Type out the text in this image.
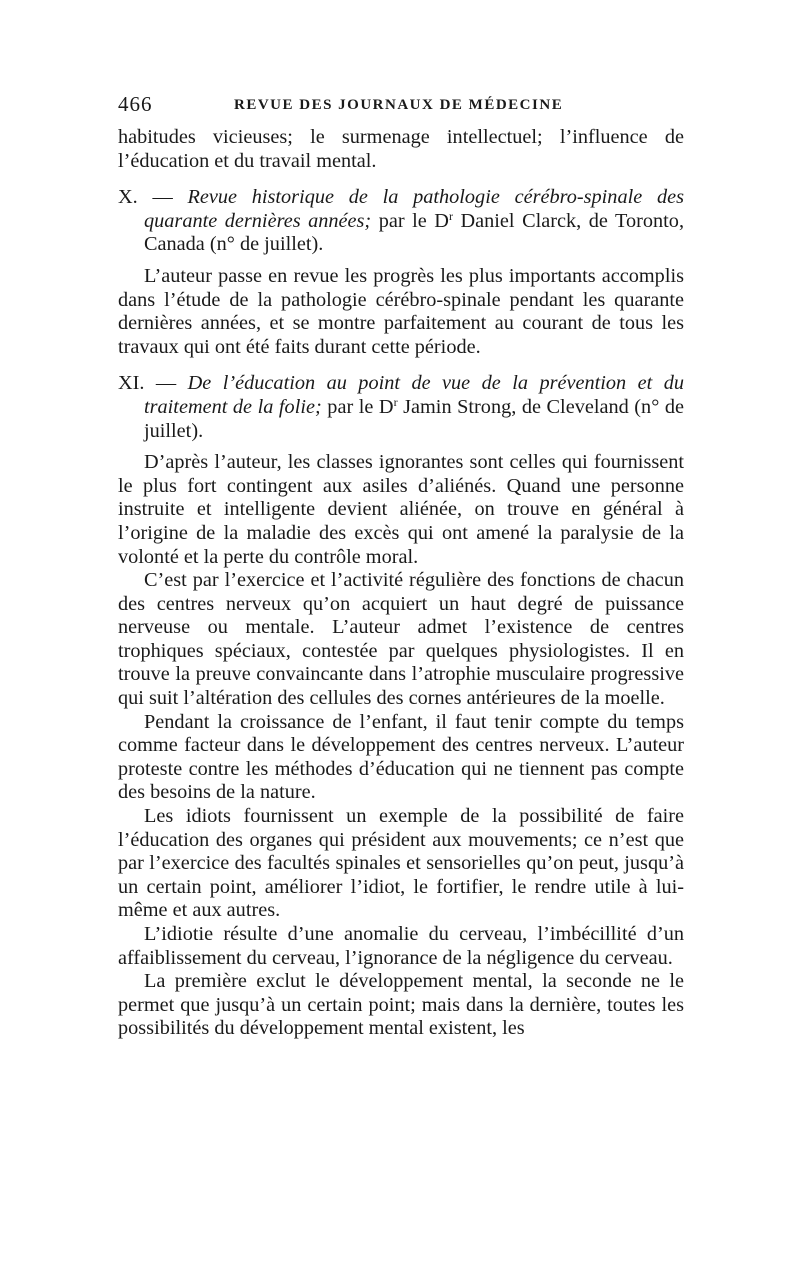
466	REVUE DES JOURNAUX DE MÉDECINE

habitudes vicieuses; le surmenage intellectuel; l’influence de l’éducation et du travail mental.

X. — Revue historique de la pathologie cérébro-spinale des quarante dernières années; par le $D^r$ Daniel Clarck, de Toronto, Canada (n° de juillet).

L’auteur passe en revue les progrès les plus importants accomplis dans l’étude de la pathologie cérébro-spinale pendant les quarante dernières années, et se montre parfaitement au courant de tous les travaux qui ont été faits durant cette période.

XI. — De l’éducation au point de vue de la prévention et du traitement de la folie; par le $D^r$ Jamin Strong, de Cleveland (n° de juillet).

D’après l’auteur, les classes ignorantes sont celles qui fournissent le plus fort contingent aux asiles d’aliénés. Quand une personne instruite et intelligente devient aliénée, on trouve en général à l’origine de la maladie des excès qui ont amené la paralysie de la volonté et la perte du contrôle moral.

C’est par l’exercice et l’activité régulière des fonctions de chacun des centres nerveux qu’on acquiert un haut degré de puissance nerveuse ou mentale. L’auteur admet l’existence de centres trophiques spéciaux, contestée par quelques physiologistes. Il en trouve la preuve convaincante dans l’atrophie musculaire progressive qui suit l’altération des cellules des cornes antérieures de la moelle.

Pendant la croissance de l’enfant, il faut tenir compte du temps comme facteur dans le développement des centres nerveux. L’auteur proteste contre les méthodes d’éducation qui ne tiennent pas compte des besoins de la nature.

Les idiots fournissent un exemple de la possibilité de faire l’éducation des organes qui président aux mouvements; ce n’est que par l’exercice des facultés spinales et sensorielles qu’on peut, jusqu’à un certain point, améliorer l’idiot, le fortifier, le rendre utile à lui-même et aux autres.

L’idiotie résulte d’une anomalie du cerveau, l’imbécillité d’un affaiblissement du cerveau, l’ignorance de la négligence du cerveau.

La première exclut le développement mental, la seconde ne le permet que jusqu’à un certain point; mais dans la dernière, toutes les possibilités du développement mental existent, les
